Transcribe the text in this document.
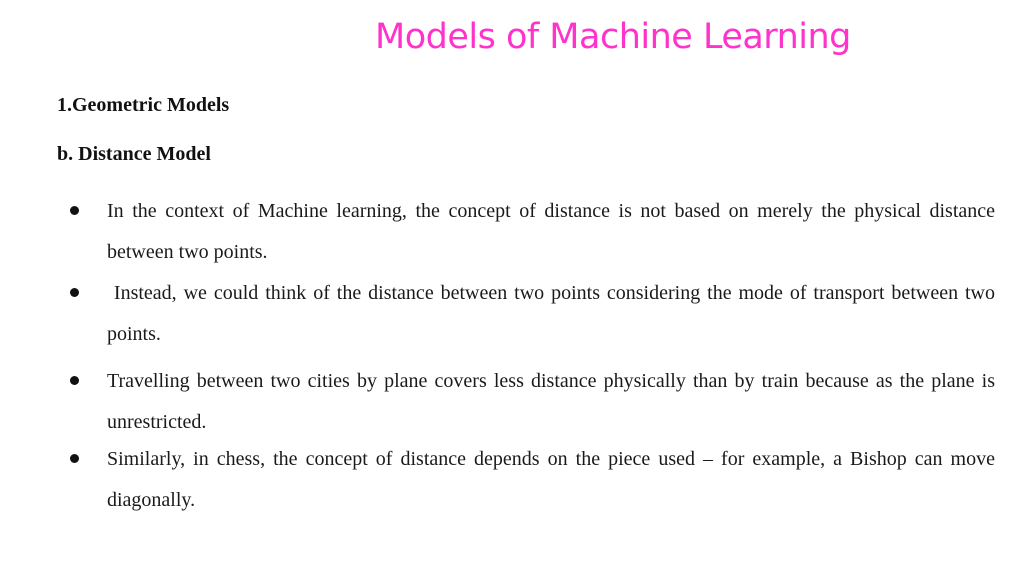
Models of Machine Learning
1.Geometric Models
b. Distance Model
In the context of Machine learning, the concept of distance is not based on merely the physical distance between two points.
Instead, we could think of the distance between two points considering the mode of transport between two points.
Travelling between two cities by plane covers less distance physically than by train because as the plane is unrestricted.
Similarly, in chess, the concept of distance depends on the piece used – for example, a Bishop can move diagonally.
